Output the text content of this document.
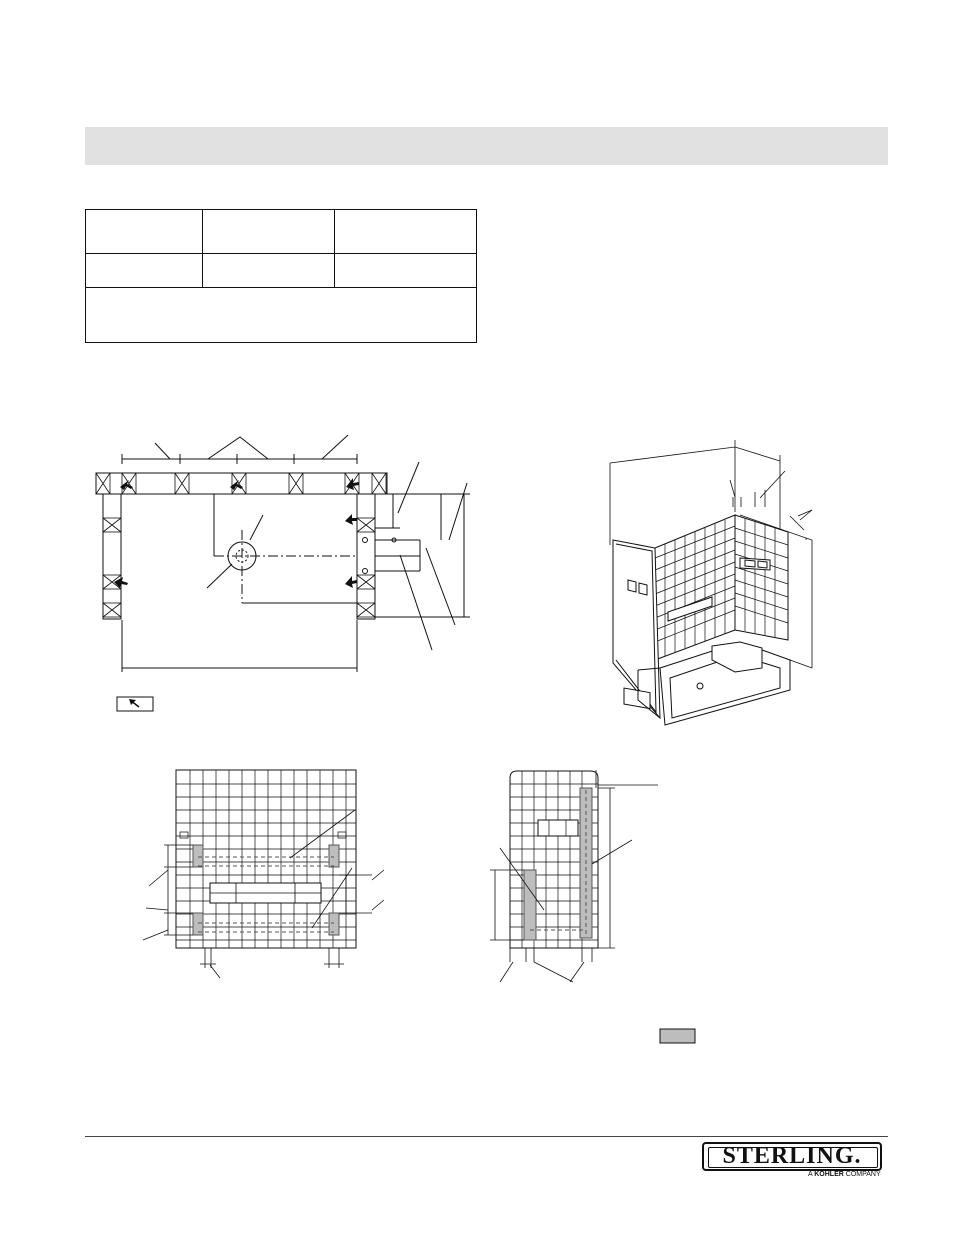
STERLING.
A KOHLER COMPANY
